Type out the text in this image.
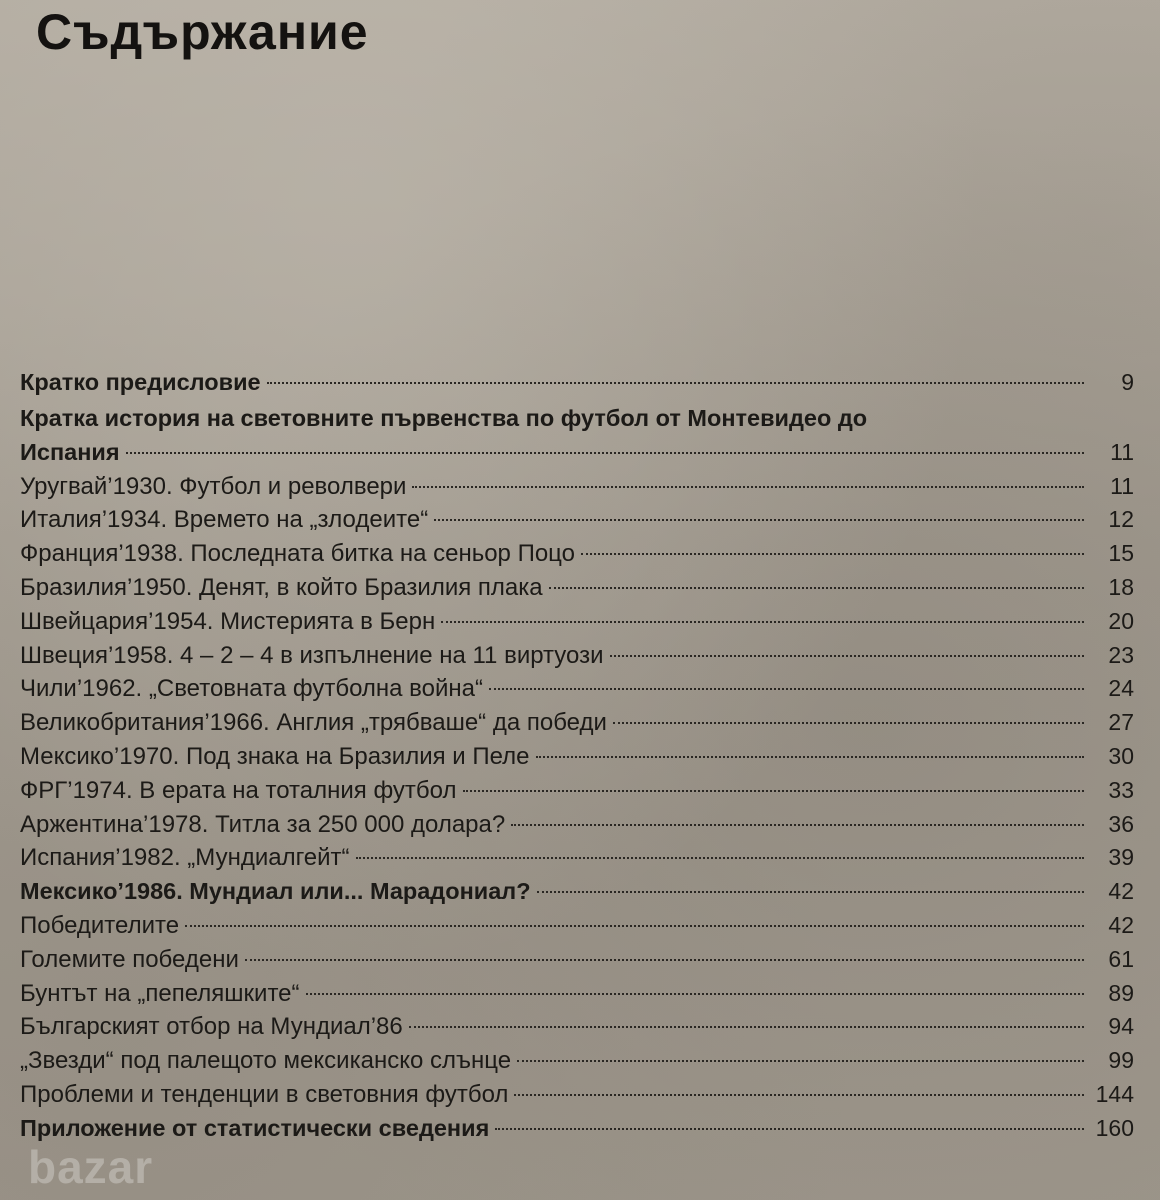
Съдържание
Кратко предисловие	9
Кратка история на световните първенства по футбол от Монтевидео до
Испания	11
Уругвай’1930. Футбол и револвери	11
Италия’1934. Времето на „злодеите“	12
Франция’1938. Последната битка на сеньор Поцо	15
Бразилия’1950. Денят, в който Бразилия плака	18
Швейцария’1954. Мистерията в Берн	20
Швеция’1958. 4 – 2 – 4 в изпълнение на 11 виртуози	23
Чили’1962. „Световната футболна война“	24
Великобритания’1966. Англия „трябваше“ да победи	27
Мексико’1970. Под знака на Бразилия и Пеле	30
ФРГ’1974. В ерата на тоталния футбол	33
Аржентина’1978. Титла за 250 000 долара?	36
Испания’1982. „Мундиалгейт“	39
Мексико’1986. Мундиал или... Марадониал?	42
Победителите	42
Големите победени	61
Бунтът на „пепеляшките“	89
Българският отбор на Мундиал’86	94
„Звезди“ под палещото мексиканско слънце	99
Проблеми и тенденции в световния футбол	144
Приложение от статистически сведения	160
bazar
